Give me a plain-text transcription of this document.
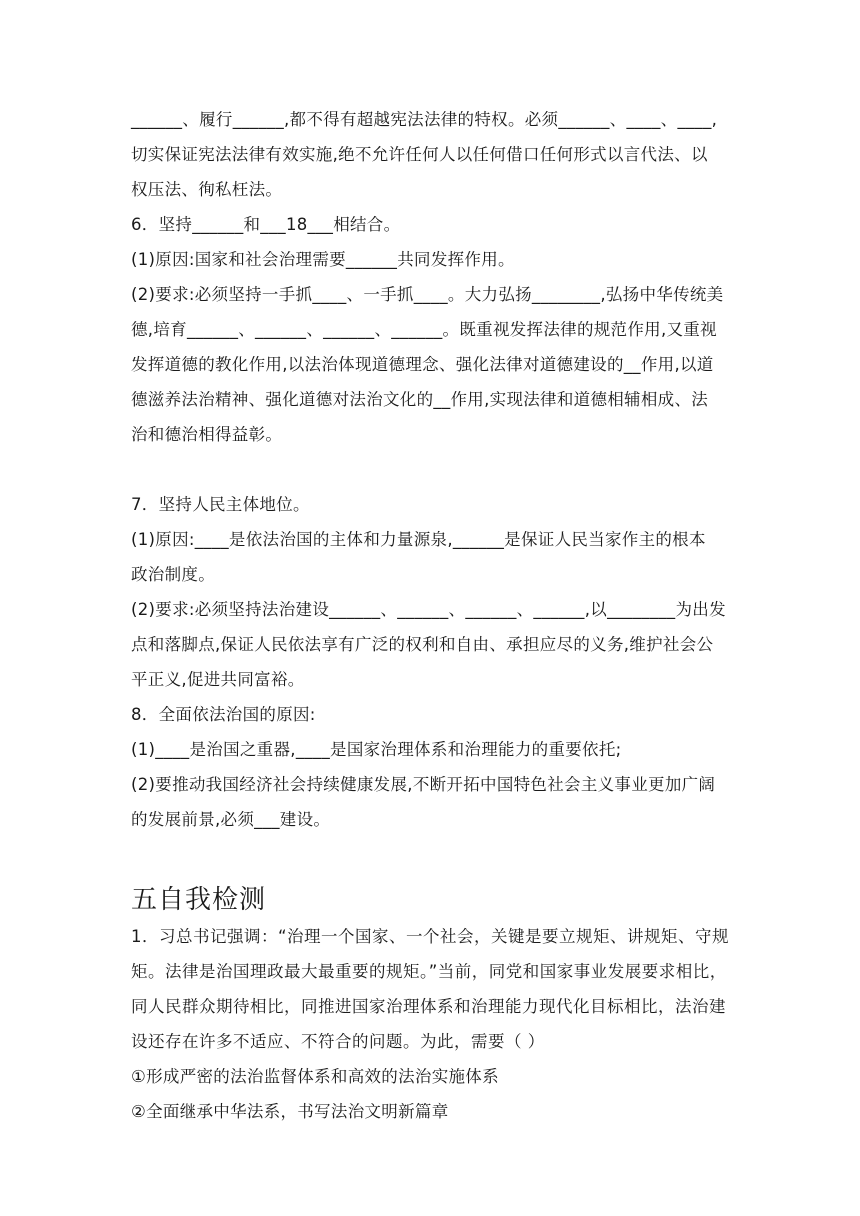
______、履行______,都不得有超越宪法法律的特权。必须______、____、____,
切实保证宪法法律有效实施,绝不允许任何人以任何借口任何形式以言代法、以
权压法、徇私枉法。
6．坚持______和___18___相结合。
(1)原因:国家和社会治理需要______共同发挥作用。
(2)要求:必须坚持一手抓____、一手抓____。大力弘扬________,弘扬中华传统美
德,培育______、______、______、______。既重视发挥法律的规范作用,又重视
发挥道德的教化作用,以法治体现道德理念、强化法律对道德建设的__作用,以道
德滋养法治精神、强化道德对法治文化的__作用,实现法律和道德相辅相成、法
治和德治相得益彰。
7．坚持人民主体地位。
(1)原因:____是依法治国的主体和力量源泉,______是保证人民当家作主的根本
政治制度。
(2)要求:必须坚持法治建设______、______、______、______,以________为出发
点和落脚点,保证人民依法享有广泛的权利和自由、承担应尽的义务,维护社会公
平正义,促进共同富裕。
8．全面依法治国的原因:
(1)____是治国之重器,____是国家治理体系和治理能力的重要依托;
(2)要推动我国经济社会持续健康发展,不断开拓中国特色社会主义事业更加广阔
的发展前景,必须___建设。
五自我检测
1．习总书记强调：“治理一个国家、一个社会，关键是要立规矩、讲规矩、守规
矩。法律是治国理政最大最重要的规矩。”当前，同党和国家事业发展要求相比，
同人民群众期待相比，同推进国家治理体系和治理能力现代化目标相比，法治建
设还存在许多不适应、不符合的问题。为此，需要（ ）
①形成严密的法治监督体系和高效的法治实施体系
②全面继承中华法系，书写法治文明新篇章
